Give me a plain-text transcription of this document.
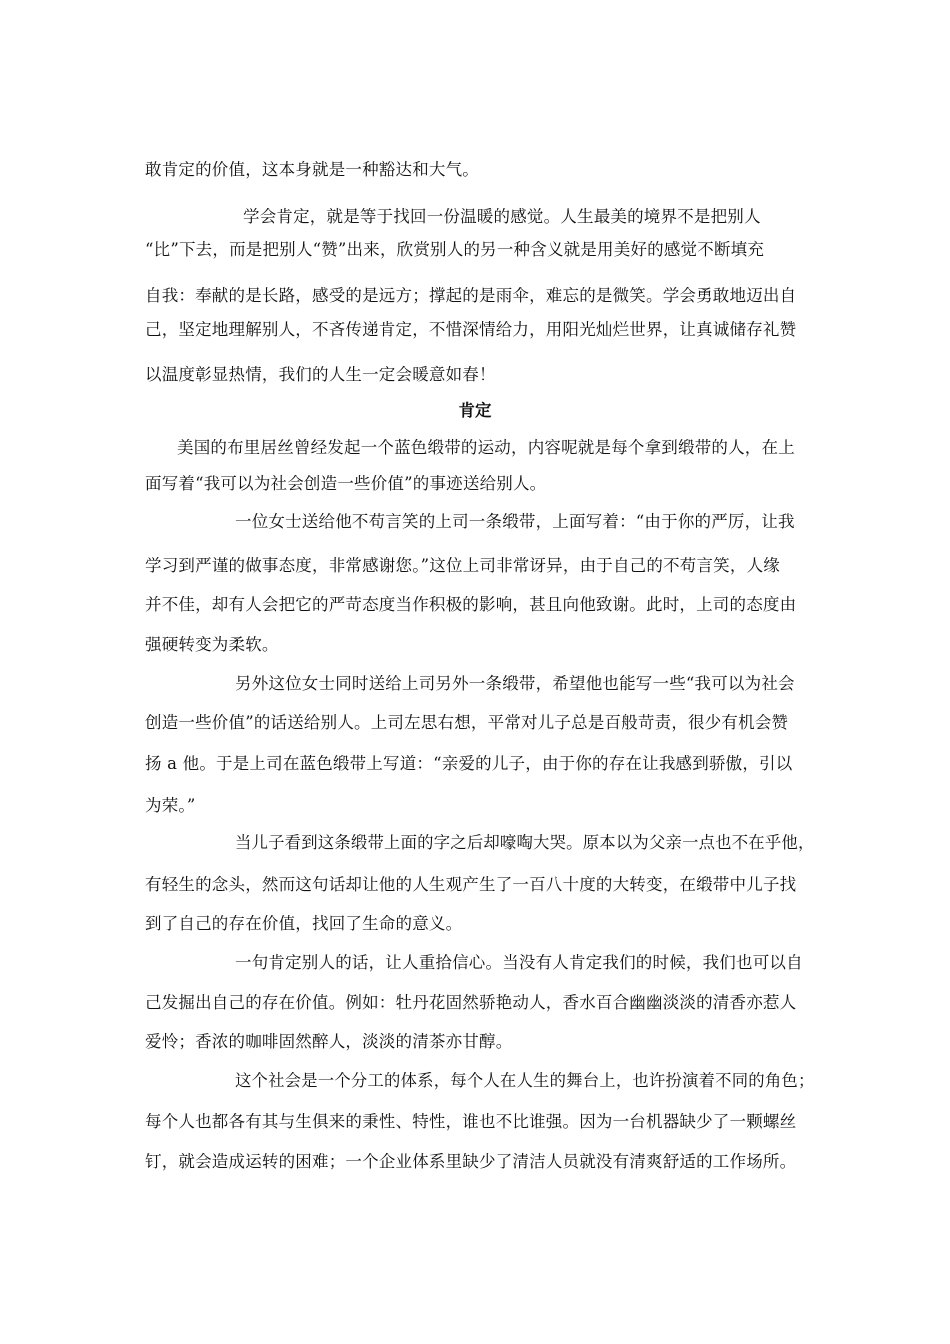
敢肯定的价值，这本身就是一种豁达和大气。
学会肯定，就是等于找回一份温暖的感觉。人生最美的境界不是把别人
“比”下去，而是把别人“赞”出来，欣赏别人的另一种含义就是用美好的感觉不断填充
自我：奉献的是长路，感受的是远方；撑起的是雨伞，难忘的是微笑。学会勇敢地迈出自
己，坚定地理解别人，不吝传递肯定，不惜深情给力，用阳光灿烂世界，让真诚储存礼赞
以温度彰显热情，我们的人生一定会暖意如春！
肯定
美国的布里居丝曾经发起一个蓝色缎带的运动，内容呢就是每个拿到缎带的人，在上
面写着“我可以为社会创造一些价值”的事迹送给别人。
一位女士送给他不苟言笑的上司一条缎带，上面写着：“由于你的严厉，让我
学习到严谨的做事态度，非常感谢您。”这位上司非常讶异，由于自己的不苟言笑，人缘
并不佳，却有人会把它的严苛态度当作积极的影响，甚且向他致谢。此时，上司的态度由
强硬转变为柔软。
另外这位女士同时送给上司另外一条缎带，希望他也能写一些“我可以为社会
创造一些价值”的话送给别人。上司左思右想，平常对儿子总是百般苛责，很少有机会赞
扬 a 他。于是上司在蓝色缎带上写道：“亲爱的儿子，由于你的存在让我感到骄傲，引以
为荣。”
当儿子看到这条缎带上面的字之后却嚎啕大哭。原本以为父亲一点也不在乎他，
有轻生的念头，然而这句话却让他的人生观产生了一百八十度的大转变，在缎带中儿子找
到了自己的存在价值，找回了生命的意义。
一句肯定别人的话，让人重拾信心。当没有人肯定我们的时候，我们也可以自
己发掘出自己的存在价值。例如：牡丹花固然骄艳动人，香水百合幽幽淡淡的清香亦惹人
爱怜；香浓的咖啡固然醉人，淡淡的清茶亦甘醇。
这个社会是一个分工的体系，每个人在人生的舞台上，也许扮演着不同的角色；
每个人也都各有其与生俱来的秉性、特性，谁也不比谁强。因为一台机器缺少了一颗螺丝
钉，就会造成运转的困难；一个企业体系里缺少了清洁人员就没有清爽舒适的工作场所。
